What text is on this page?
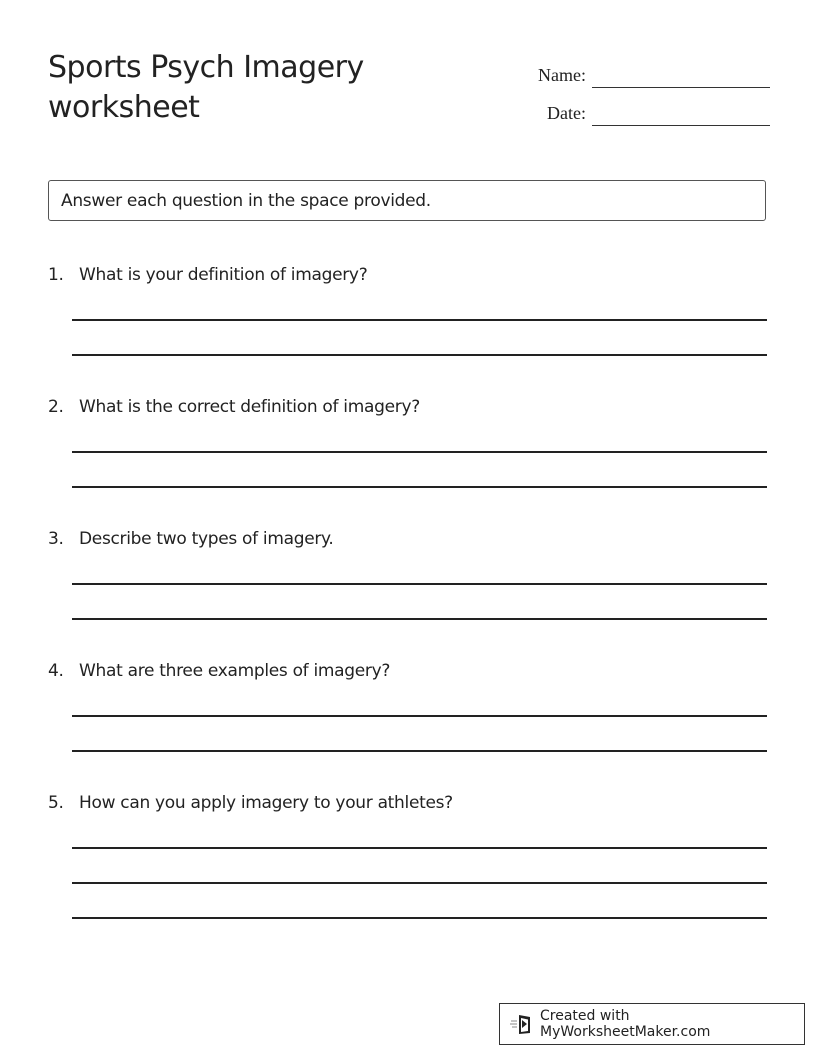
Sports Psych Imagery worksheet
Name:
Date:
Answer each question in the space provided.
1. What is your definition of imagery?
2. What is the correct definition of imagery?
3. Describe two types of imagery.
4. What are three examples of imagery?
5. How can you apply imagery to your athletes?
Created with MyWorksheetMaker.com
